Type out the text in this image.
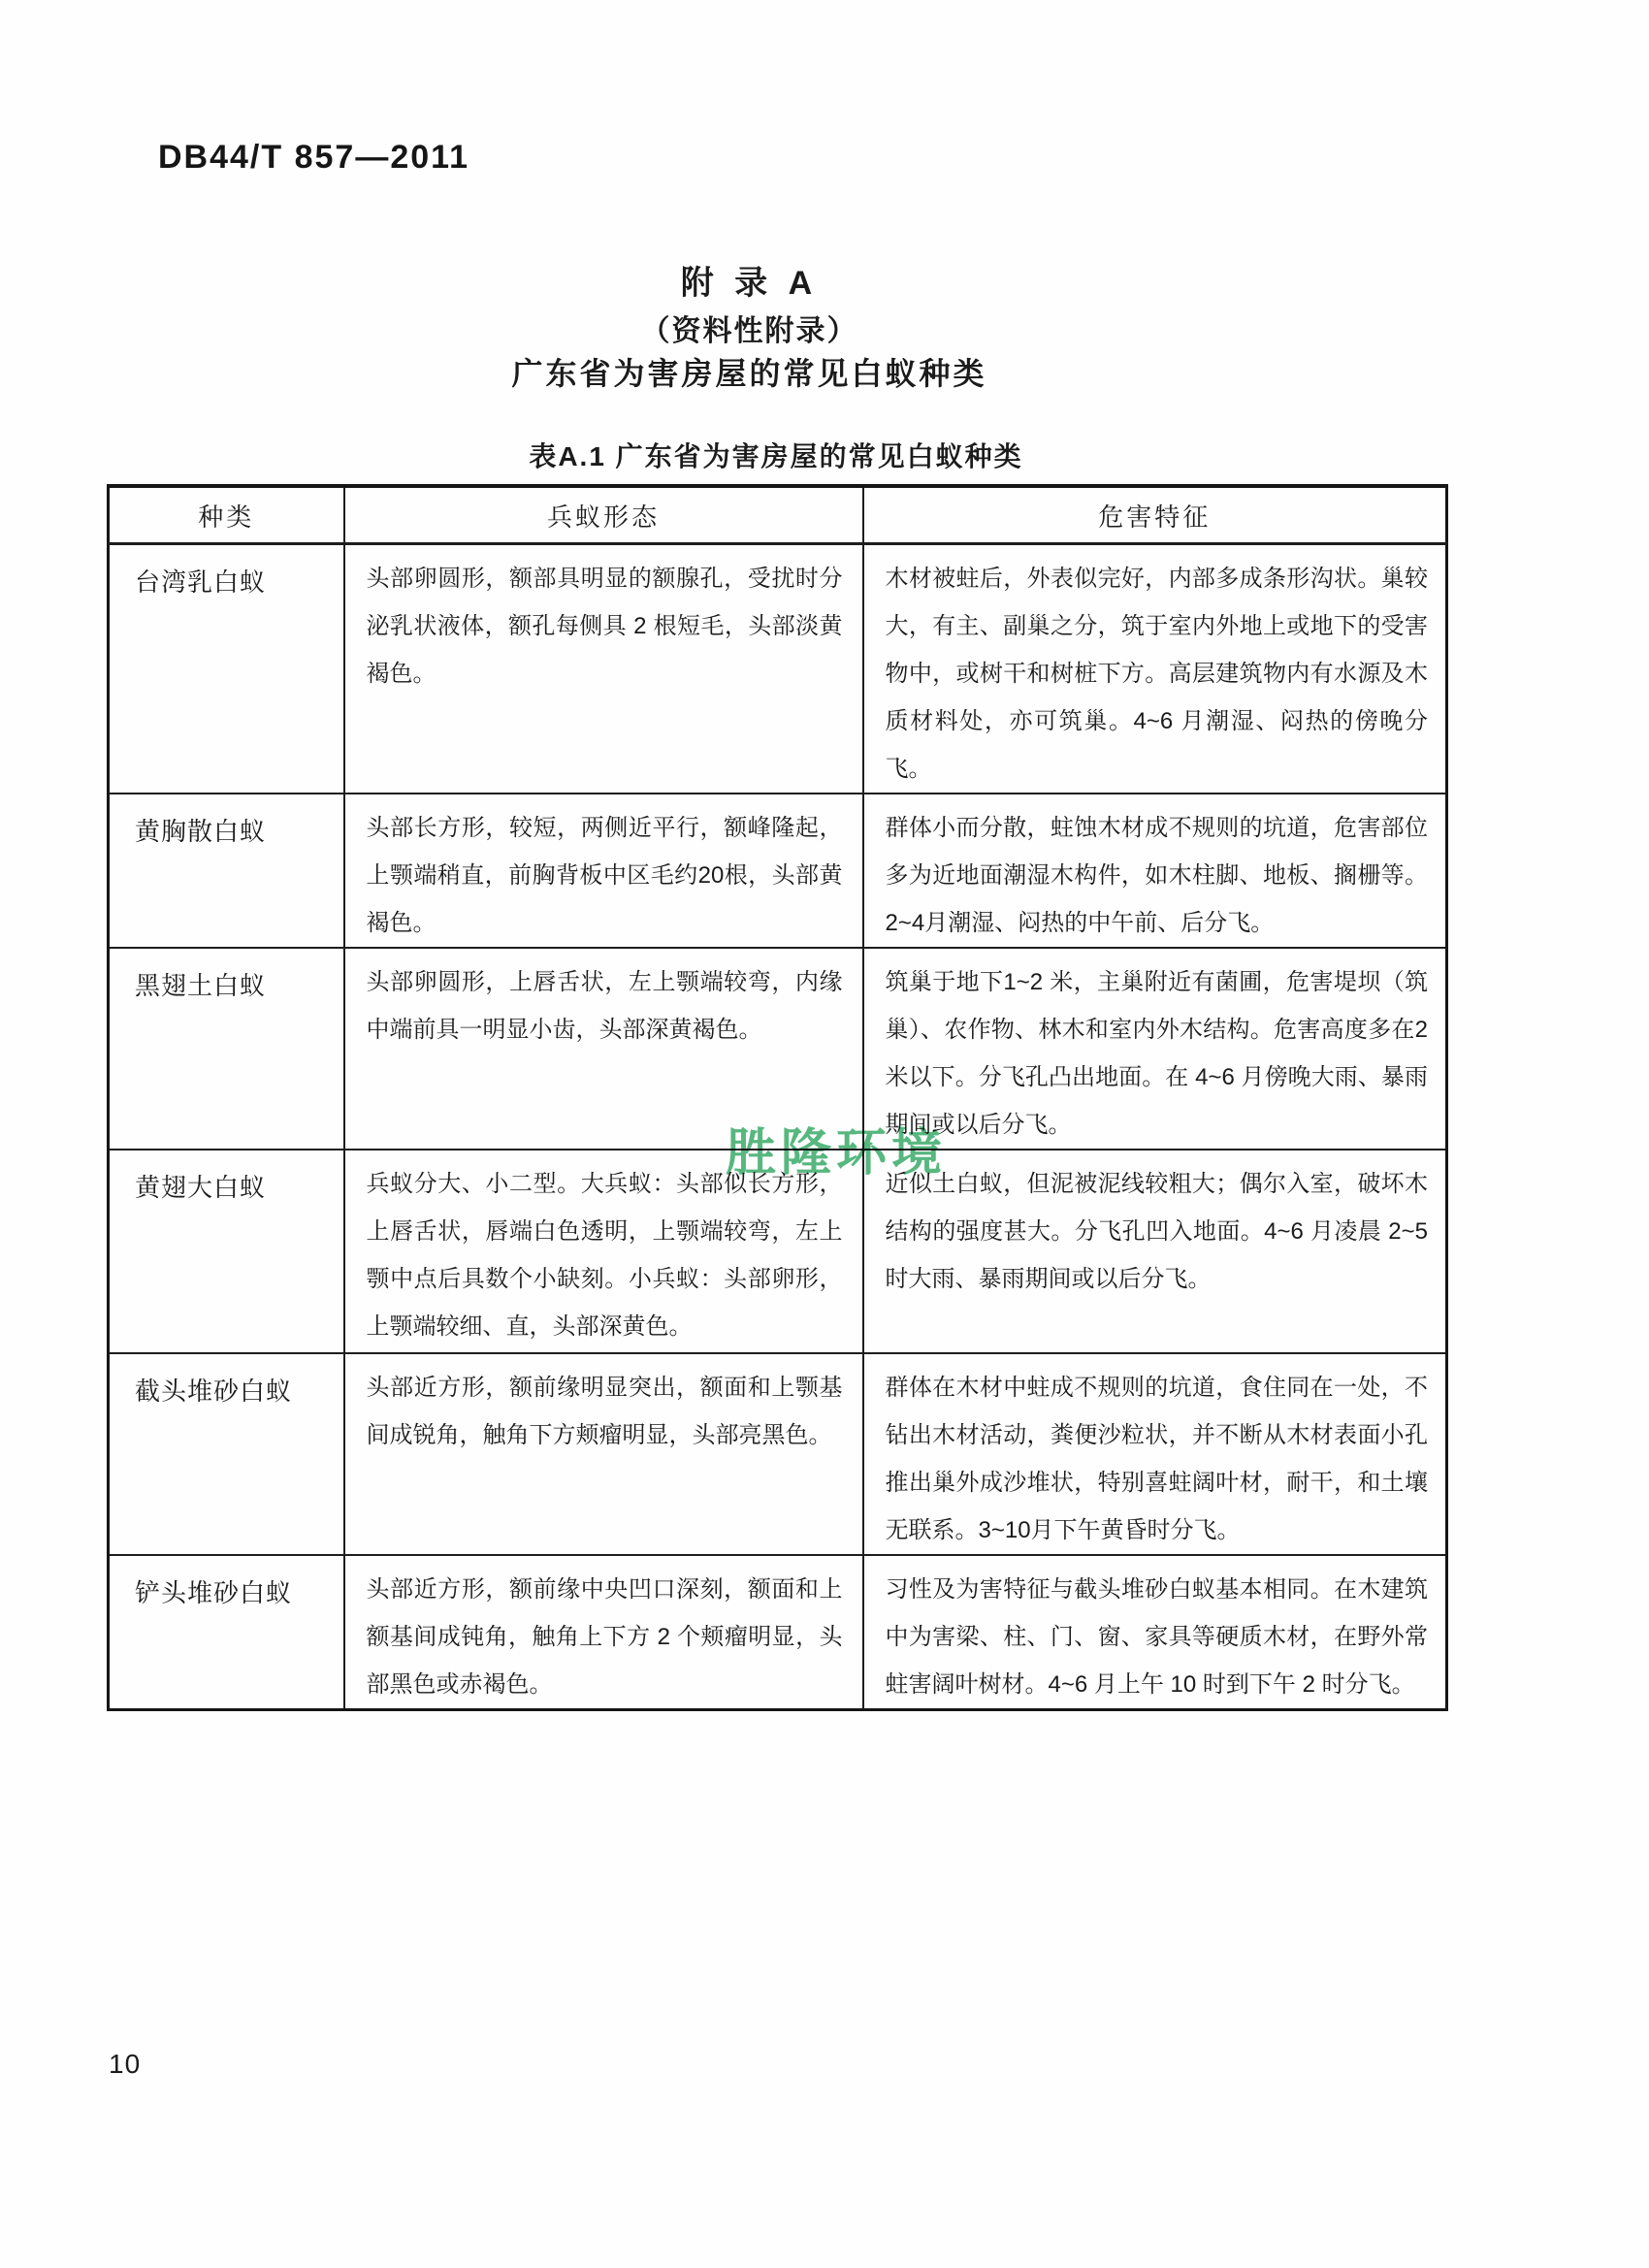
DB44/T 857—2011
附 录 A
（资料性附录）
广东省为害房屋的常见白蚁种类
表A.1 广东省为害房屋的常见白蚁种类
种类	兵蚁形态	危害特征
台湾乳白蚁	头部卵圆形，额部具明显的额腺孔，受扰时分泌乳状液体，额孔每侧具 2 根短毛，头部淡黄褐色。	木材被蛀后，外表似完好，内部多成条形沟状。巢较大，有主、副巢之分，筑于室内外地上或地下的受害物中，或树干和树桩下方。高层建筑物内有水源及木质材料处，亦可筑巢。4~6 月潮湿、闷热的傍晚分飞。
黄胸散白蚁	头部长方形，较短，两侧近平行，额峰隆起，上颚端稍直，前胸背板中区毛约20根，头部黄褐色。	群体小而分散，蛀蚀木材成不规则的坑道，危害部位多为近地面潮湿木构件，如木柱脚、地板、搁栅等。2~4月潮湿、闷热的中午前、后分飞。
黑翅土白蚁	头部卵圆形，上唇舌状，左上颚端较弯，内缘中端前具一明显小齿，头部深黄褐色。	筑巢于地下1~2 米，主巢附近有菌圃，危害堤坝（筑巢）、农作物、林木和室内外木结构。危害高度多在2米以下。分飞孔凸出地面。在 4~6 月傍晚大雨、暴雨期间或以后分飞。
黄翅大白蚁	兵蚁分大、小二型。大兵蚁：头部似长方形，上唇舌状，唇端白色透明，上颚端较弯，左上颚中点后具数个小缺刻。小兵蚁：头部卵形，上颚端较细、直，头部深黄色。	近似土白蚁，但泥被泥线较粗大；偶尔入室，破坏木结构的强度甚大。分飞孔凹入地面。4~6 月凌晨 2~5 时大雨、暴雨期间或以后分飞。
截头堆砂白蚁	头部近方形，额前缘明显突出，额面和上颚基间成锐角，触角下方颊瘤明显，头部亮黑色。	群体在木材中蛀成不规则的坑道，食住同在一处，不钻出木材活动，粪便沙粒状，并不断从木材表面小孔推出巢外成沙堆状，特别喜蛀阔叶材，耐干，和土壤无联系。3~10月下午黄昏时分飞。
铲头堆砂白蚁	头部近方形，额前缘中央凹口深刻，额面和上额基间成钝角，触角上下方 2 个颊瘤明显，头部黑色或赤褐色。	习性及为害特征与截头堆砂白蚁基本相同。在木建筑中为害梁、柱、门、窗、家具等硬质木材，在野外常蛀害阔叶树材。4~6 月上午 10 时到下午 2 时分飞。
胜隆环境
10
